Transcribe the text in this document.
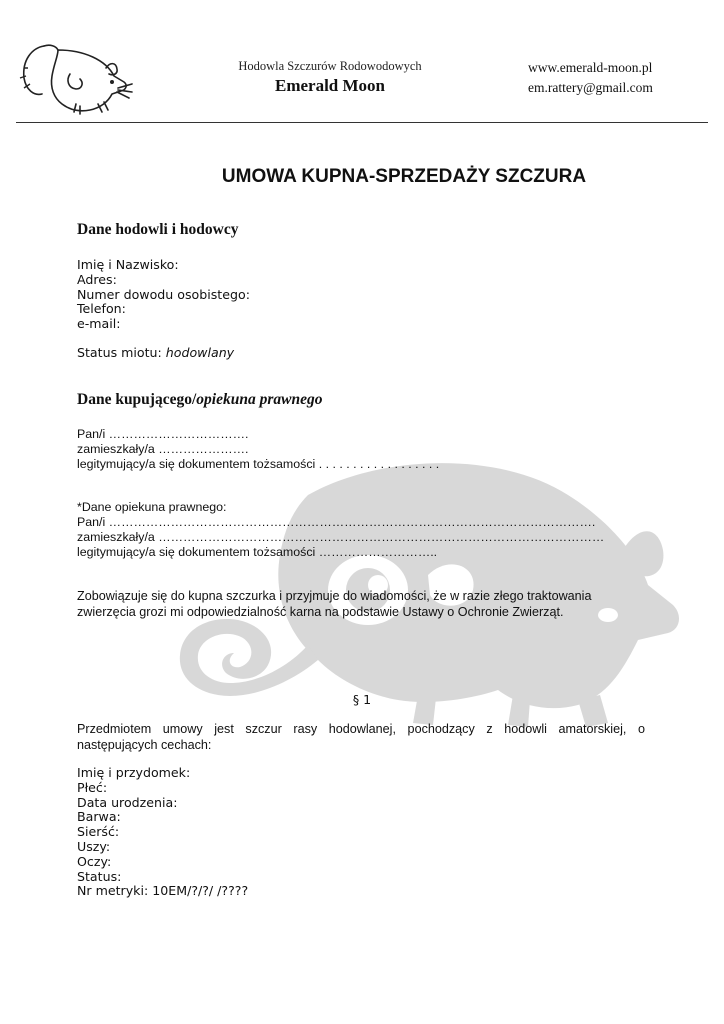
Hodowla Szczurów Rodowodowych
Emerald Moon
www.emerald-moon.pl
em.rattery@gmail.com
UMOWA KUPNA-SPRZEDAŻY SZCZURA
Dane hodowli i hodowcy
Imię i Nazwisko:
Adres:
Numer dowodu osobistego:
Telefon:
e-mail:
Status miotu: hodowlany
Dane kupującego/opiekuna prawnego
Pan/i …………………………….
zamieszkały/a ………………….
legitymujący/a się dokumentem tożsamości . . . . . . . . . . . . . . . . . .
*Dane opiekuna prawnego:
Pan/i ……………………………………………………………………………………………………….
zamieszkały/a ………………………………………………………………………………………………
legitymujący/a się dokumentem tożsamości ………………………..
Zobowiązuje się do kupna szczurka i przyjmuje do wiadomości, że w razie złego traktowania zwierzęcia grozi mi odpowiedzialność karna na podstawie Ustawy o Ochronie Zwierząt.
§ 1
Przedmiotem umowy jest szczur rasy hodowlanej, pochodzący z hodowli amatorskiej, o następujących cechach:
Imię i przydomek:
Płeć:
Data urodzenia:
Barwa:
Sierść:
Uszy:
Oczy:
Status:
Nr metryki: 10EM/?/?/ /????
